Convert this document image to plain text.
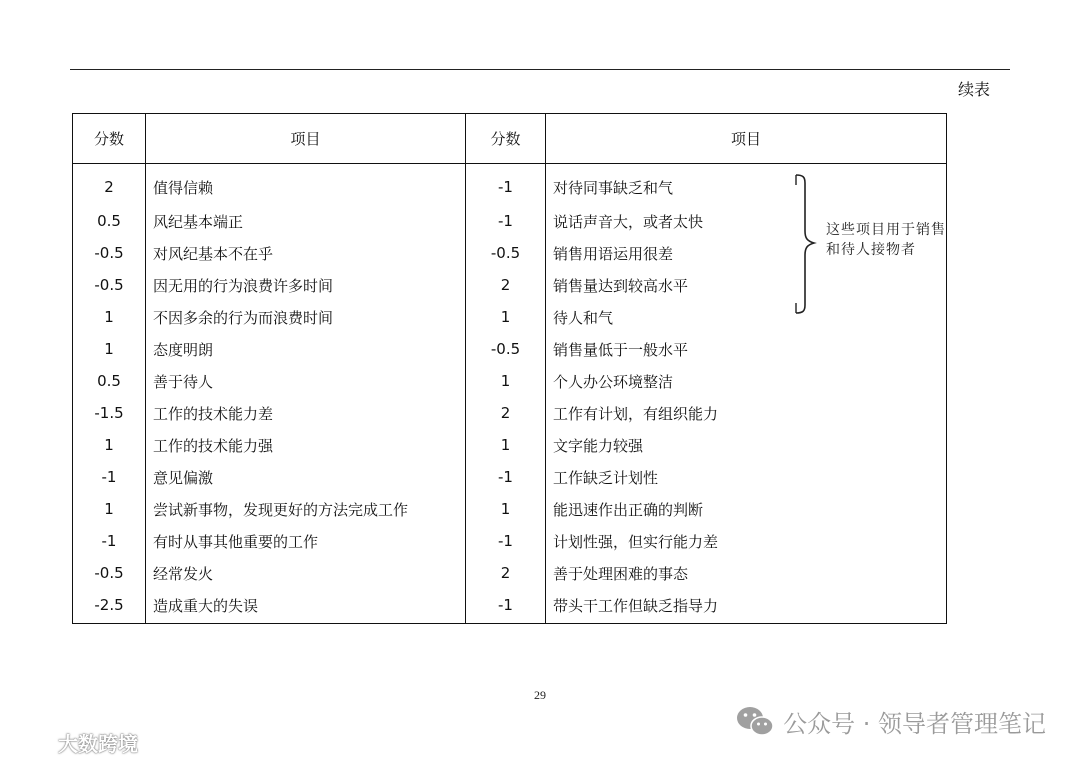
续表
分数	项目	分数	项目
2	值得信赖	-1	对待同事缺乏和气
0.5	风纪基本端正	-1	说话声音大，或者太快
-0.5	对风纪基本不在乎	-0.5	销售用语运用很差
-0.5	因无用的行为浪费许多时间	2	销售量达到较高水平
1	不因多余的行为而浪费时间	1	待人和气
1	态度明朗	-0.5	销售量低于一般水平
0.5	善于待人	1	个人办公环境整洁
-1.5	工作的技术能力差	2	工作有计划，有组织能力
1	工作的技术能力强	1	文字能力较强
-1	意见偏激	-1	工作缺乏计划性
1	尝试新事物，发现更好的方法完成工作	1	能迅速作出正确的判断
-1	有时从事其他重要的工作	-1	计划性强，但实行能力差
-0.5	经常发火	2	善于处理困难的事态
-2.5	造成重大的失误	-1	带头干工作但缺乏指导力
这些项目用于销售和待人接物者
29
公众号 · 领导者管理笔记
大数跨境
